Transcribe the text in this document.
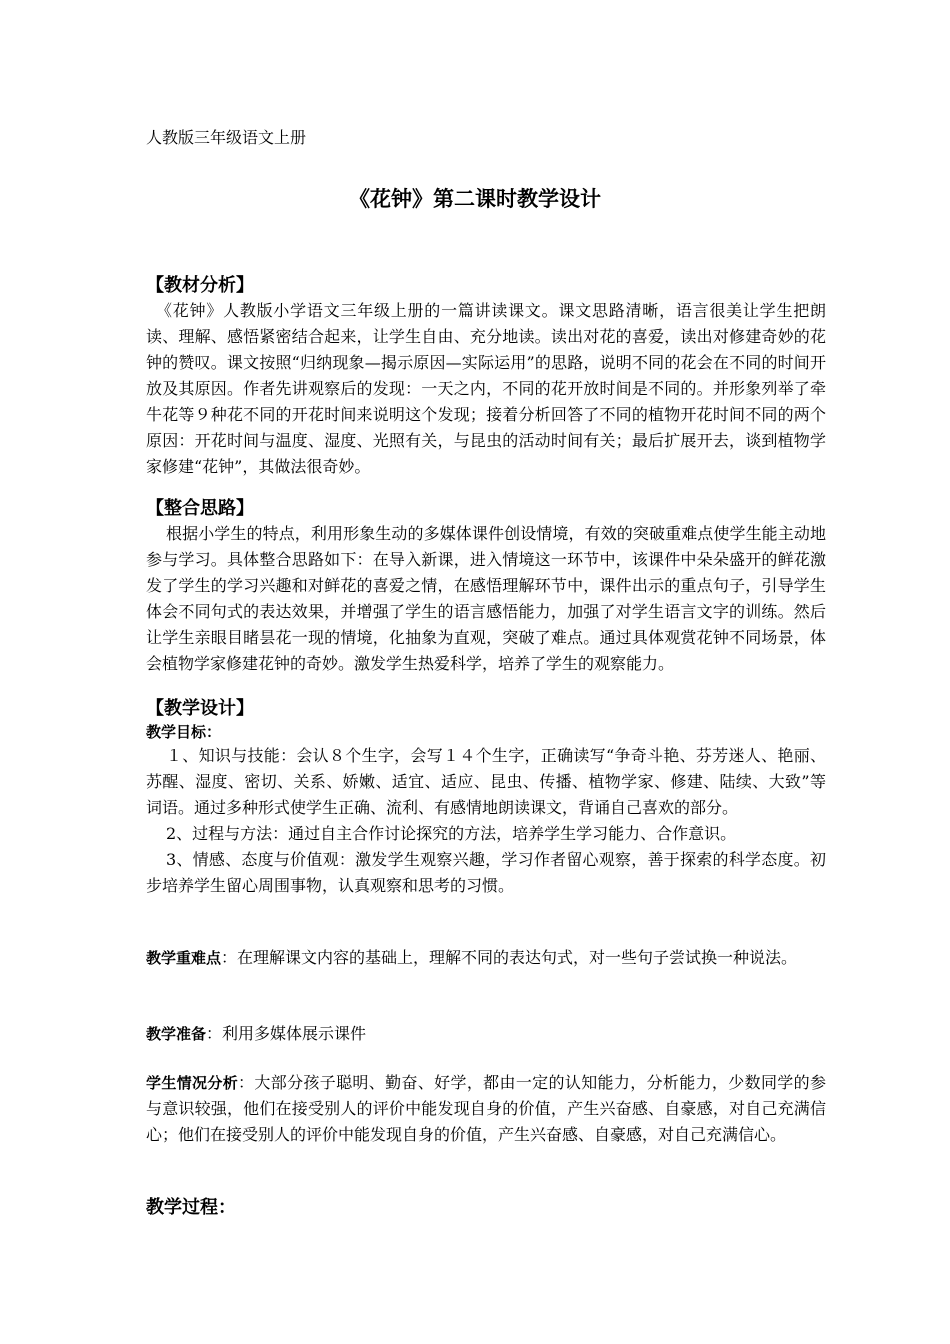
人教版三年级语文上册
《花钟》第二课时教学设计
【教材分析】
《花钟》人教版小学语文三年级上册的一篇讲读课文。课文思路清晰，语言很美让学生把朗读、理解、感悟紧密结合起来，让学生自由、充分地读。读出对花的喜爱，读出对修建奇妙的花钟的赞叹。课文按照“归纳现象—揭示原因—实际运用”的思路，说明不同的花会在不同的时间开放及其原因。作者先讲观察后的发现：一天之内，不同的花开放时间是不同的。并形象列举了牵牛花等９种花不同的开花时间来说明这个发现；接着分析回答了不同的植物开花时间不同的两个原因：开花时间与温度、湿度、光照有关，与昆虫的活动时间有关；最后扩展开去，谈到植物学家修建“花钟”，其做法很奇妙。
【整合思路】
根据小学生的特点，利用形象生动的多媒体课件创设情境，有效的突破重难点使学生能主动地参与学习。具体整合思路如下：在导入新课，进入情境这一环节中，该课件中朵朵盛开的鲜花激发了学生的学习兴趣和对鲜花的喜爱之情，在感悟理解环节中，课件出示的重点句子，引导学生体会不同句式的表达效果，并增强了学生的语言感悟能力，加强了对学生语言文字的训练。然后让学生亲眼目睹昙花一现的情境，化抽象为直观，突破了难点。通过具体观赏花钟不同场景，体会植物学家修建花钟的奇妙。激发学生热爱科学，培养了学生的观察能力。
【教学设计】
教学目标：
１、知识与技能：会认８个生字，会写１４个生字，正确读写“争奇斗艳、芬芳迷人、艳丽、苏醒、湿度、密切、关系、娇嫩、适宜、适应、昆虫、传播、植物学家、修建、陆续、大致”等词语。通过多种形式使学生正确、流利、有感情地朗读课文，背诵自己喜欢的部分。
2、过程与方法：通过自主合作讨论探究的方法，培养学生学习能力、合作意识。
3、情感、态度与价值观：激发学生观察兴趣，学习作者留心观察，善于探索的科学态度。初步培养学生留心周围事物，认真观察和思考的习惯。
教学重难点：在理解课文内容的基础上，理解不同的表达句式，对一些句子尝试换一种说法。
教学准备：利用多媒体展示课件
学生情况分析：大部分孩子聪明、勤奋、好学，都由一定的认知能力，分析能力，少数同学的参与意识较强，他们在接受别人的评价中能发现自身的价值，产生兴奋感、自豪感，对自己充满信心；他们在接受别人的评价中能发现自身的价值，产生兴奋感、自豪感，对自己充满信心。
教学过程：
